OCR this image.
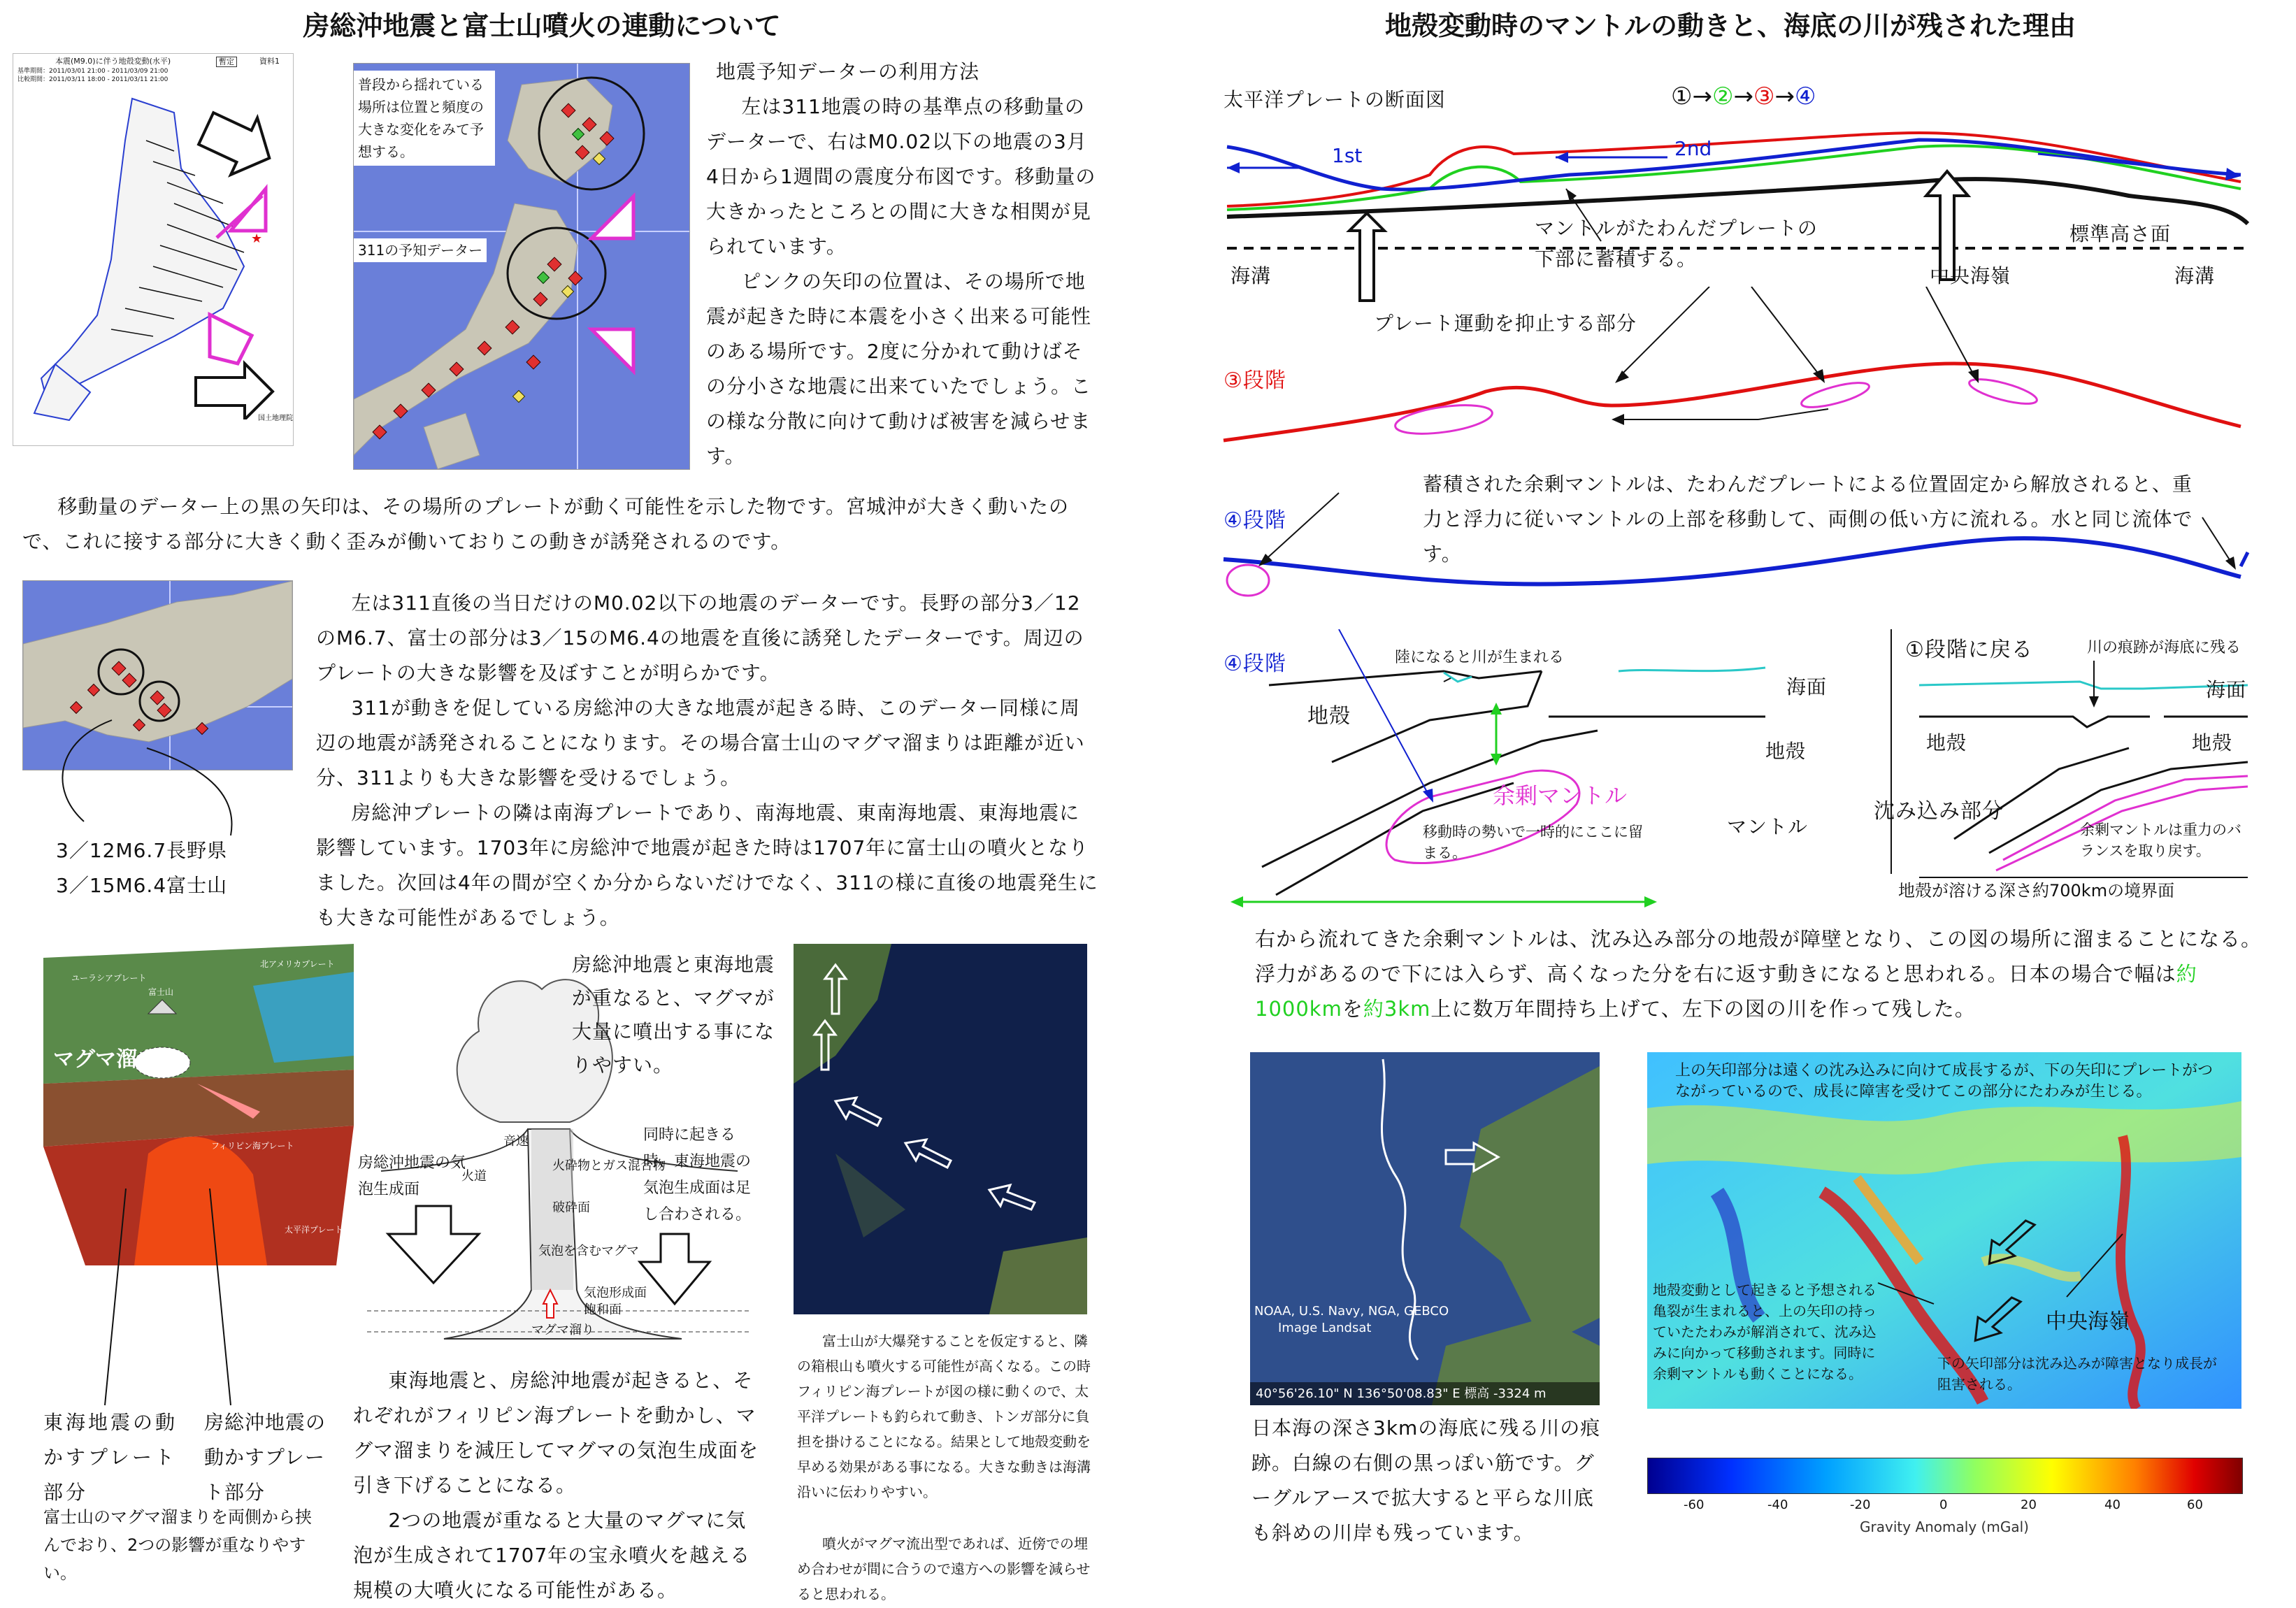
房総沖地震と富士山噴火の連動について
本震(M9.0)に伴う地殻変動(水平)	暫定	資料1
基準期間：2011/03/01 21:00 - 2011/03/09 21:00
比較期間：2011/03/11 18:00 - 2011/03/11 21:00
★
国土地理院
普段から揺れている場所は位置と頻度の大きな変化をみて予想する。
311の予知データー
地震予知データーの利用方法
左は311地震の時の基準点の移動量のデーターで、右はM0.02以下の地震の3月4日から1週間の震度分布図です。移動量の大きかったところとの間に大きな相関が見られています。
ピンクの矢印の位置は、その場所で地震が起きた時に本震を小さく出来る可能性のある場所です。2度に分かれて動けばその分小さな地震に出来ていたでしょう。この様な分散に向けて動けば被害を減らせます。
移動量のデーター上の黒の矢印は、その場所のプレートが動く可能性を示した物です。宮城沖が大きく動いたので、これに接する部分に大きく動く歪みが働いておりこの動きが誘発されるのです。
3／12M6.7長野県
3／15M6.4富士山
左は311直後の当日だけのM0.02以下の地震のデーターです。長野の部分3／12のM6.7、富士の部分は3／15のM6.4の地震を直後に誘発したデーターです。周辺のプレートの大きな影響を及ぼすことが明らかです。
311が動きを促している房総沖の大きな地震が起きる時、このデーター同様に周辺の地震が誘発されることになります。その場合富士山のマグマ溜まりは距離が近い分、311よりも大きな影響を受けるでしょう。
房総沖プレートの隣は南海プレートであり、南海地震、東南海地震、東海地震に影響しています。1703年に房総沖で地震が起きた時は1707年に富士山の噴火となりました。次回は4年の間が空くか分からないだけでなく、311の様に直後の地震発生にも大きな可能性があるでしょう。
マグマ溜まり
富士山
ユーラシアプレート
北アメリカプレート
フィリピン海プレート
太平洋プレート
東海地震の動かすプレート部分
房総沖地震の動かすプレート部分
富士山のマグマ溜まりを両側から挟んでおり、2つの影響が重なりやすい。
音速
火道
火砕物とガス混合物
破砕面
気泡を含むマグマ
気泡形成面
飽和面
マグマ溜り
房総沖地震と東海地震が重なると、マグマが大量に噴出する事になりやすい。
房総沖地震の気泡生成面
同時に起きる時、東海地震の気泡生成面は足し合わされる。
東海地震と、房総沖地震が起きると、それぞれがフィリピン海プレートを動かし、マグマ溜まりを減圧してマグマの気泡生成面を引き下げることになる。
2つの地震が重なると大量のマグマに気泡が生成されて1707年の宝永噴火を越える規模の大噴火になる可能性がある。
富士山が大爆発することを仮定すると、隣の箱根山も噴火する可能性が高くなる。この時フィリピン海プレートが図の様に動くので、太平洋プレートも釣られて動き、トンガ部分に負担を掛けることになる。結果として地殻変動を早める効果がある事になる。大きな動きは海溝沿いに伝わりやすい。
噴火がマグマ流出型であれば、近傍での埋め合わせが間に合うので遠方への影響を減らせると思われる。
地殻変動時のマントルの動きと、海底の川が残された理由
太平洋プレートの断面図	①→②→③→④
1st	2nd
マントルがたわんだプレートの下部に蓄積する。
標準高さ面
海溝	中央海嶺	海溝
プレート運動を抑止する部分
③段階
蓄積された余剰マントルは、たわんだプレートによる位置固定から解放されると、重力と浮力に従いマントルの上部を移動して、両側の低い方に流れる。水と同じ流体です。
④段階
④段階	陸になると川が生まれる
海面
地殻
地殻
余剰マントル
マントル
移動時の勢いで一時的にここに留まる。
①段階に戻る	川の痕跡が海底に残る
海面
地殻	地殻
沈み込み部分
余剰マントルは重力のバランスを取り戻す。
地殻が溶ける深さ約700kmの境界面
右から流れてきた余剰マントルは、沈み込み部分の地殻が障壁となり、この図の場所に溜まることになる。浮力があるので下には入らず、高くなった分を右に返す動きになると思われる。日本の場合で幅は約1000kmを約3km上に数万年間持ち上げて、左下の図の川を作って残した。
NOAA, U.S. Navy, NGA, GEBCO
Image Landsat
40°56'26.10" N 136°50'08.83" E 標高 -3324 m
日本海の深さ3kmの海底に残る川の痕跡。白線の右側の黒っぽい筋です。グーグルアースで拡大すると平らな川底も斜めの川岸も残っています。
上の矢印部分は遠くの沈み込みに向けて成長するが、下の矢印にプレートがつながっているので、成長に障害を受けてこの部分にたわみが生じる。
地殻変動として起きると予想される亀裂が生まれると、上の矢印の持っていたたわみが解消されて、沈み込みに向かって移動されます。同時に余剰マントルも動くことになる。
中央海嶺
下の矢印部分は沈み込みが障害となり成長が阻害される。
-60	-40	-20	0	20	40	60
Gravity Anomaly (mGal)
